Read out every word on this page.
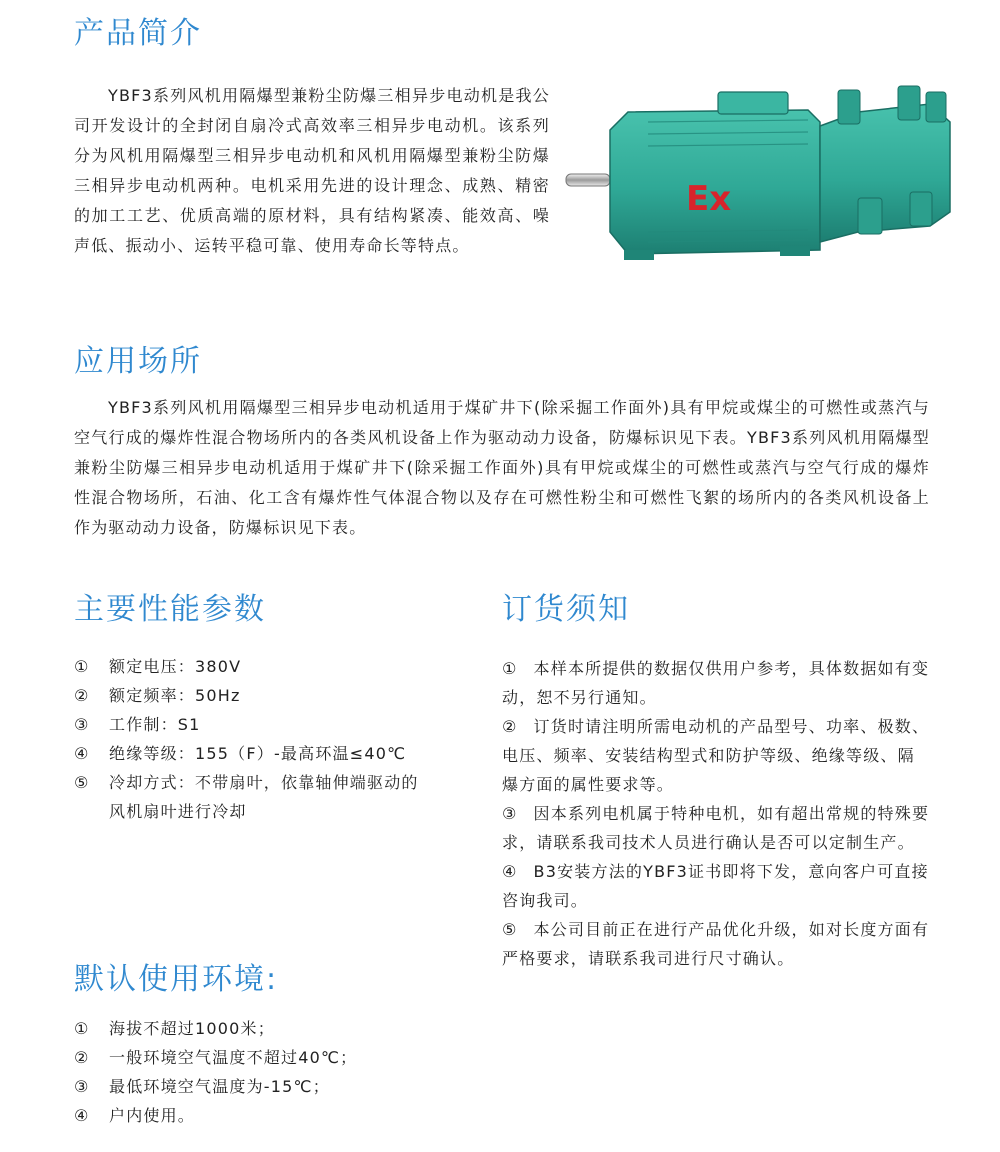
产品简介

YBF3系列风机用隔爆型兼粉尘防爆三相异步电动机是我公司开发设计的全封闭自扇冷式高效率三相异步电动机。该系列分为风机用隔爆型三相异步电动机和风机用隔爆型兼粉尘防爆三相异步电动机两种。电机采用先进的设计理念、成熟、精密的加工工艺、优质高端的原材料，具有结构紧凑、能效高、噪声低、振动小、运转平稳可靠、使用寿命长等特点。

Ex
应用场所

YBF3系列风机用隔爆型三相异步电动机适用于煤矿井下(除采掘工作面外)具有甲烷或煤尘的可燃性或蒸汽与空气行成的爆炸性混合物场所内的各类风机设备上作为驱动动力设备，防爆标识见下表。YBF3系列风机用隔爆型兼粉尘防爆三相异步电动机适用于煤矿井下(除采掘工作面外)具有甲烷或煤尘的可燃性或蒸汽与空气行成的爆炸性混合物场所，石油、化工含有爆炸性气体混合物以及存在可燃性粉尘和可燃性飞絮的场所内的各类风机设备上作为驱动动力设备，防爆标识见下表。

主要性能参数
① 额定电压：380V
② 额定频率：50Hz
③ 工作制：S1
④ 绝缘等级：155（F）-最高环温≤40℃
⑤ 冷却方式：不带扇叶，依靠轴伸端驱动的风机扇叶进行冷却
默认使用环境:
① 海拔不超过1000米；
② 一般环境空气温度不超过40℃；
③ 最低环境空气温度为-15℃；
④ 户内使用。
订货须知
① 本样本所提供的数据仅供用户参考，具体数据如有变动，恕不另行通知。
② 订货时请注明所需电动机的产品型号、功率、极数、电压、频率、安装结构型式和防护等级、绝缘等级、隔爆方面的属性要求等。
③ 因本系列电机属于特种电机，如有超出常规的特殊要求，请联系我司技术人员进行确认是否可以定制生产。
④ B3安装方法的YBF3证书即将下发，意向客户可直接咨询我司。
⑤ 本公司目前正在进行产品优化升级，如对长度方面有严格要求，请联系我司进行尺寸确认。
